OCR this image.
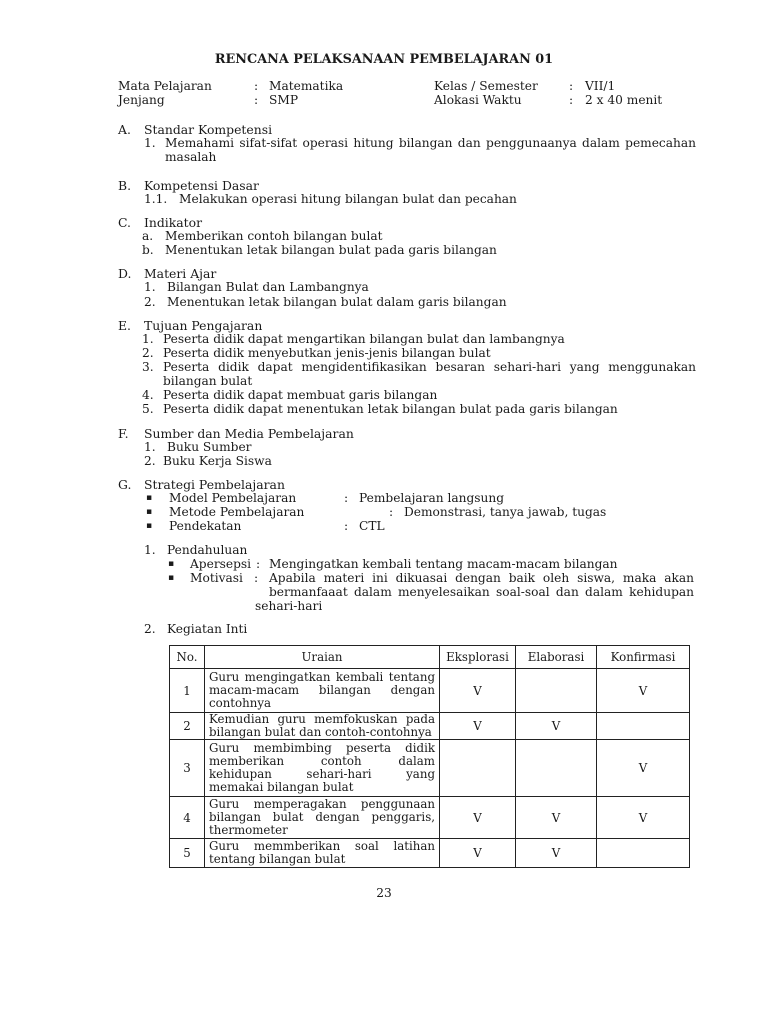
RENCANA PELAKSANAAN PEMBELAJARAN 01
Mata Pelajaran	: Matematika	Kelas / Semester	: VII/1
Jenjang	: SMP	Alokasi Waktu	: 2 x 40 menit
A. Standar Kompetensi
1. Memahami sifat-sifat operasi hitung bilangan dan penggunaanya dalam pemecahan
masalah
B. Kompetensi Dasar
1.1. Melakukan operasi hitung bilangan bulat dan pecahan
C. Indikator
a. Memberikan contoh bilangan bulat
b. Menentukan letak bilangan bulat pada garis bilangan
D. Materi Ajar
1. Bilangan Bulat dan Lambangnya
2. Menentukan letak bilangan bulat dalam garis bilangan
E. Tujuan Pengajaran
1. Peserta didik dapat mengartikan bilangan bulat dan lambangnya
2. Peserta didik menyebutkan jenis-jenis bilangan bulat
3. Peserta didik dapat mengidentifikasikan besaran sehari-hari yang menggunakan
bilangan bulat
4. Peserta didik dapat membuat garis bilangan
5. Peserta didik dapat menentukan letak bilangan bulat pada garis bilangan
F. Sumber dan Media Pembelajaran
1. Buku Sumber
2. Buku Kerja Siswa
G. Strategi Pembelajaran
▪ Model Pembelajaran	: Pembelajaran langsung
▪ Metode Pembelajaran	: Demonstrasi, tanya jawab, tugas
▪ Pendekatan	: CTL
1. Pendahuluan
▪ Apersepsi : Mengingatkan kembali tentang macam-macam bilangan
▪ Motivasi : Apabila materi ini dikuasai dengan baik oleh siswa, maka akan
bermanfaaat dalam menyelesaikan soal-soal dan dalam kehidupan
sehari-hari
2. Kegiatan Inti
No.	Uraian	Eksplorasi	Elaborasi	Konfirmasi
1	Guru mengingatkan kembali tentang
macam-macam bilangan dengan
contohnya	V		V
2	Kemudian guru memfokuskan pada
bilangan bulat dan contoh-contohnya	V	V	
3	Guru membimbing peserta didik
memberikan contoh dalam
kehidupan sehari-hari yang
memakai bilangan bulat			V
4	Guru memperagakan penggunaan
bilangan bulat dengan penggaris,
thermometer	V	V	V
5	Guru memmberikan soal latihan
tentang bilangan bulat	V	V	
23
